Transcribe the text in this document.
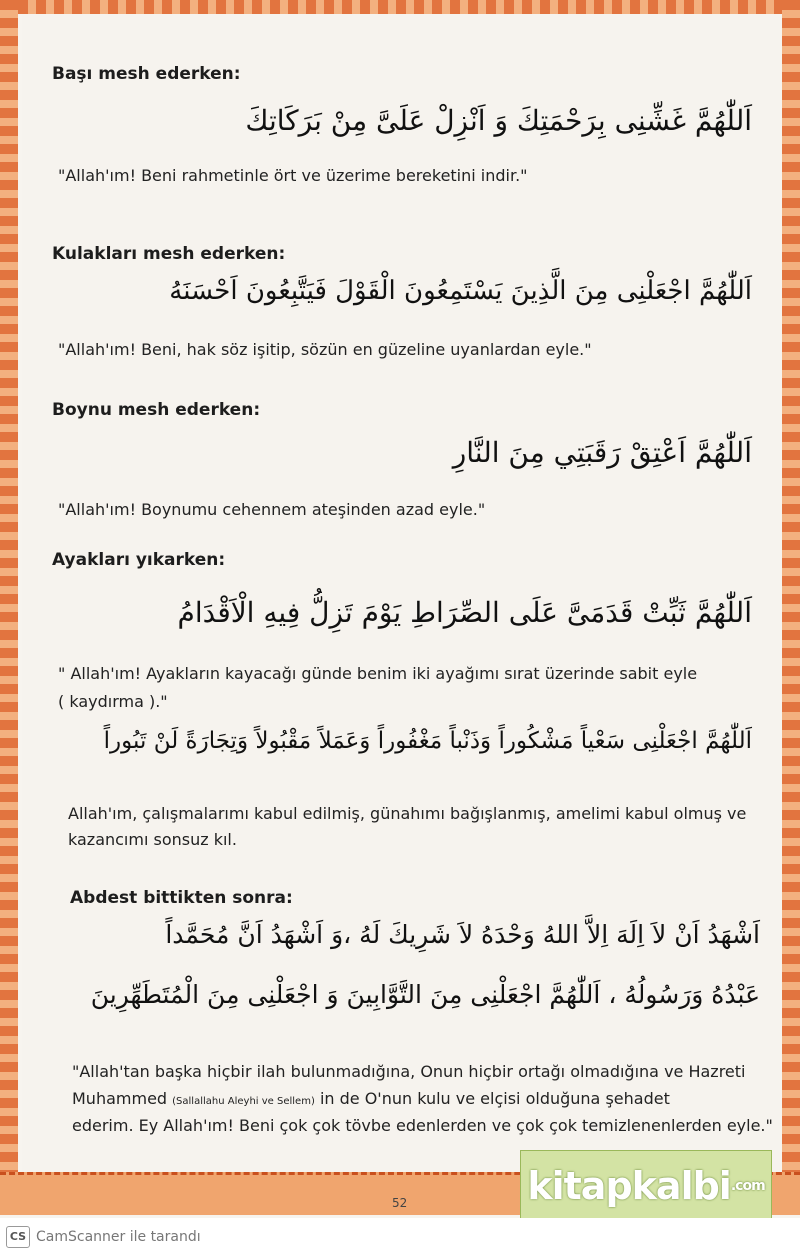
Başı mesh ederken:
اَللّٰهُمَّ غَشِّنِى بِرَحْمَتِكَ وَ اَنْزِلْ عَلَىَّ مِنْ بَرَكَاتِكَ
"Allah'ım! Beni rahmetinle ört ve üzerime bereketini indir."
Kulakları mesh ederken:
اَللّٰهُمَّ اجْعَلْنِى مِنَ الَّذِينَ يَسْتَمِعُونَ الْقَوْلَ فَيَتَّبِعُونَ اَحْسَنَهُ
"Allah'ım! Beni, hak söz işitip, sözün en güzeline uyanlardan eyle."
Boynu mesh ederken:
اَللّٰهُمَّ اَعْتِقْ رَقَبَتِي مِنَ النَّارِ
"Allah'ım! Boynumu cehennem ateşinden azad eyle."
Ayakları yıkarken:
اَللّٰهُمَّ ثَبِّتْ قَدَمَىَّ عَلَى الصِّرَاطِ يَوْمَ تَزِلُّ فِيهِ الْاَقْدَامُ
" Allah'ım! Ayakların kayacağı günde benim iki ayağımı sırat üzerinde sabit eyle
( kaydırma )."
اَللّٰهُمَّ اجْعَلْنِى سَعْياً مَشْكُوراً وَذَنْباً مَغْفُوراً وَعَمَلاً مَقْبُولاً وَتِجَارَةً لَنْ تَبُوراً
Allah'ım, çalışmalarımı kabul edilmiş, günahımı bağışlanmış, amelimi kabul olmuş ve
kazancımı sonsuz kıl.
Abdest bittikten sonra:
اَشْهَدُ اَنْ لاَ اِلَهَ اِلاَّ اللهُ وَحْدَهُ لاَ شَرِيكَ لَهُ ،وَ اَشْهَدُ اَنَّ مُحَمَّداً
عَبْدُهُ وَرَسُولُهُ ، اَللّٰهُمَّ اجْعَلْنِى مِنَ التَّوَّابِينَ وَ اجْعَلْنِى مِنَ الْمُتَطَهِّرِينَ
"Allah'tan başka hiçbir ilah bulunmadığına, Onun hiçbir ortağı olmadığına ve Hazreti
Muhammed (Sallallahu Aleyhi ve Sellem) in de O'nun kulu ve elçisi olduğuna şehadet
ederim. Ey Allah'ım! Beni çok çok tövbe edenlerden ve çok çok temizlenenlerden eyle."
52	kitapkalbi .com
CS CamScanner ile tarandı
